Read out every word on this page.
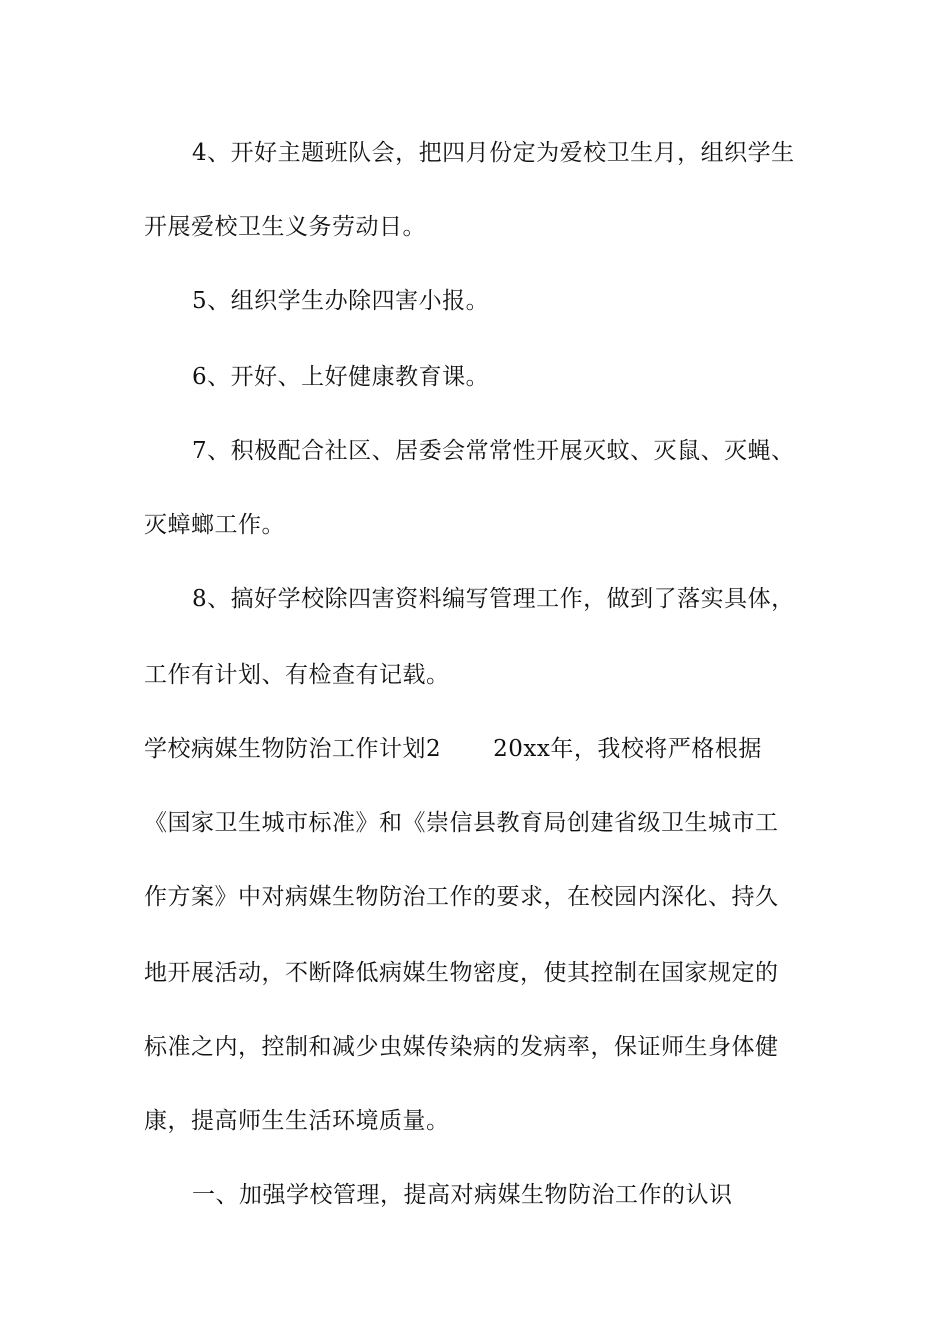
4、开好主题班队会，把四月份定为爱校卫生月，组织学生
开展爱校卫生义务劳动日。
5、组织学生办除四害小报。
6、开好、上好健康教育课。
7、积极配合社区、居委会常常性开展灭蚊、灭鼠、灭蝇、
灭蟑螂工作。
8、搞好学校除四害资料编写管理工作，做到了落实具体，
工作有计划、有检查有记载。
学校病媒生物防治工作计划2 20xx年，我校将严格根据
《国家卫生城市标准》和《崇信县教育局创建省级卫生城市工
作方案》中对病媒生物防治工作的要求，在校园内深化、持久
地开展活动，不断降低病媒生物密度，使其控制在国家规定的
标准之内，控制和减少虫媒传染病的发病率，保证师生身体健
康，提高师生生活环境质量。
一、加强学校管理，提高对病媒生物防治工作的认识
